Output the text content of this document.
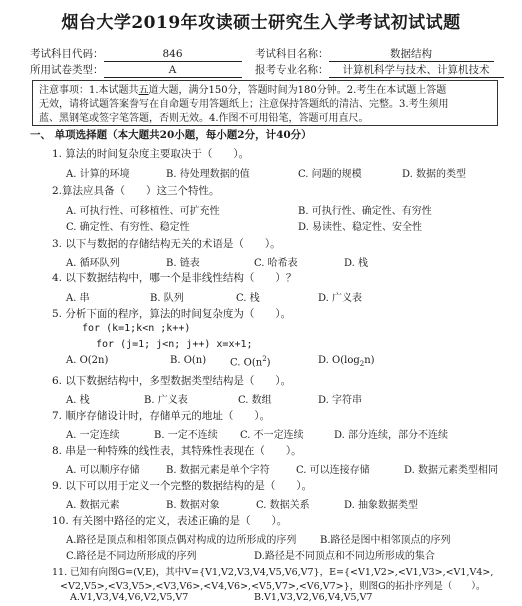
烟台大学2019年攻读硕士研究生入学考试初试试题
考试科目代码：	846	考试科目名称：	数据结构
所用试卷类型：	A	报考专业名称： 计算机科学与技术、计算机技术
注意事项：1.本试题共五道大题，满分150分，答题时间为180分钟。2.考生在本试题上答题
无效，请将试题答案誊写在自命题专用答题纸上；注意保持答题纸的清洁、完整。3.考生须用
蓝、黑钢笔或签字笔答题，否则无效。4.作图不可用铅笔，答题可用直尺。
一、 单项选择题（本大题共20小题，每小题2分，计40分）
1. 算法的时间复杂度主要取决于（　　）。
A. 计算的环境	B. 待处理数据的值	C. 问题的规模	D. 数据的类型
2.算法应具备（　　）这三个特性。
A. 可执行性、可移植性、可扩充性	B. 可执行性、确定性、有穷性
C. 确定性、有穷性、稳定性	D. 易读性、稳定性、安全性
3. 以下与数据的存储结构无关的术语是（　　）。
A. 循环队列	B. 链表	C. 哈希表	D. 栈
4. 以下数据结构中，哪一个是非线性结构（　　）？
A. 串	B. 队列	C. 栈	D. 广义表
5. 分析下面的程序，算法的时间复杂度为（　　）。
for (k=1;k<n ;k++)
for (j=1; j<n; j++) x=x+1;
A. O(2n)	B. O(n) C. $O(n^2)$	D. $O(\log_2n)$
6. 以下数据结构中，多型数据类型结构是（　　）。
A. 栈	B. 广义表	C. 数组	D. 字符串
7. 顺序存储设计时，存储单元的地址（　　）。
A. 一定连续	B. 一定不连续 C. 不一定连续	D. 部分连续，部分不连续
8. 串是一种特殊的线性表，其特殊性表现在（　　）。
A. 可以顺序存储	B. 数据元素是单个字符	C. 可以连接存储	D. 数据元素类型相同
9. 以下可以用于定义一个完整的数据结构的是（　　）。
A. 数据元素	B. 数据对象	C. 数据关系	D. 抽象数据类型
10. 有关图中路径的定义，表述正确的是（　　）。
A.路径是顶点和相邻顶点偶对构成的边所形成的序列 B.路径是图中相邻顶点的序列
C.路径是不同边所形成的序列	D.路径是不同顶点和不同边所形成的集合
11. 已知有向图G=(V,E)，其中V={V1,V2,V3,V4,V5,V6,V7}，E={<V1,V2>,<V1,V3>,<V1,V4>,
<V2,V5>,<V3,V5>,<V3,V6>,<V4,V6>,<V5,V7>,<V6,V7>}，则图G的拓扑序列是（　　）。
A.V1,V3,V4,V6,V2,V5,V7	B.V1,V3,V2,V6,V4,V5,V7
